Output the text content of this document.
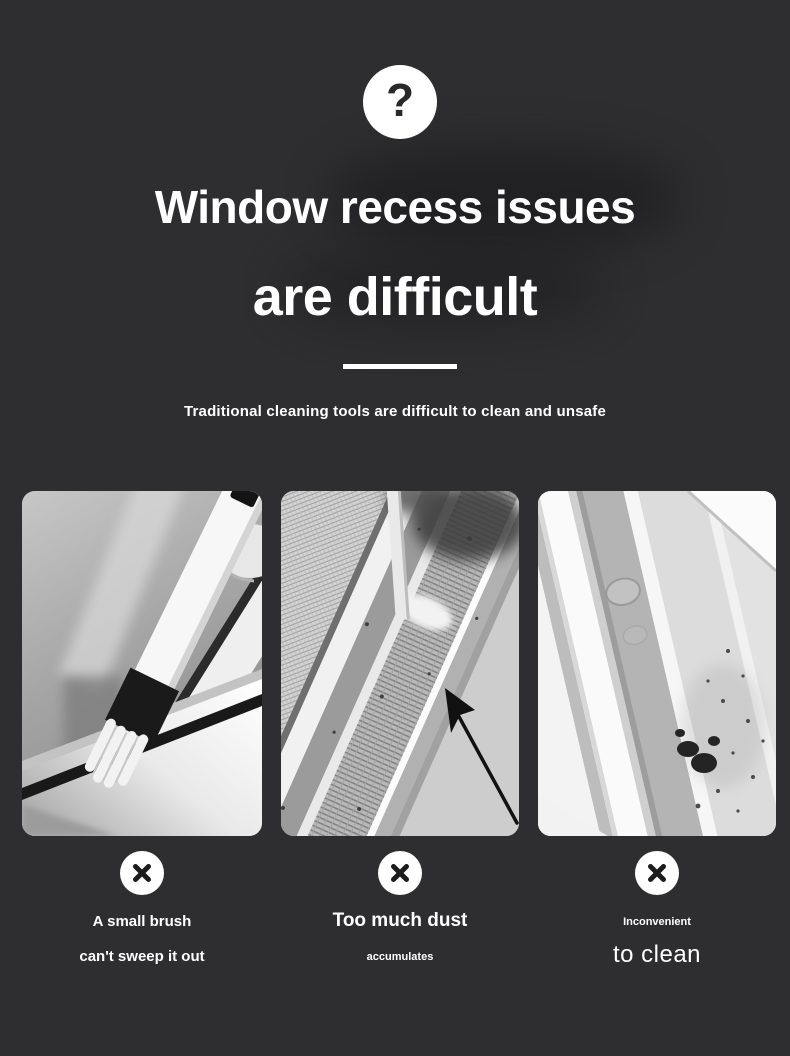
?
Window recess issues
are difficult

Traditional cleaning tools are difficult to clean and unsafe

A small brush
can't sweep it out
Too much dust
accumulates
Inconvenient
to clean
